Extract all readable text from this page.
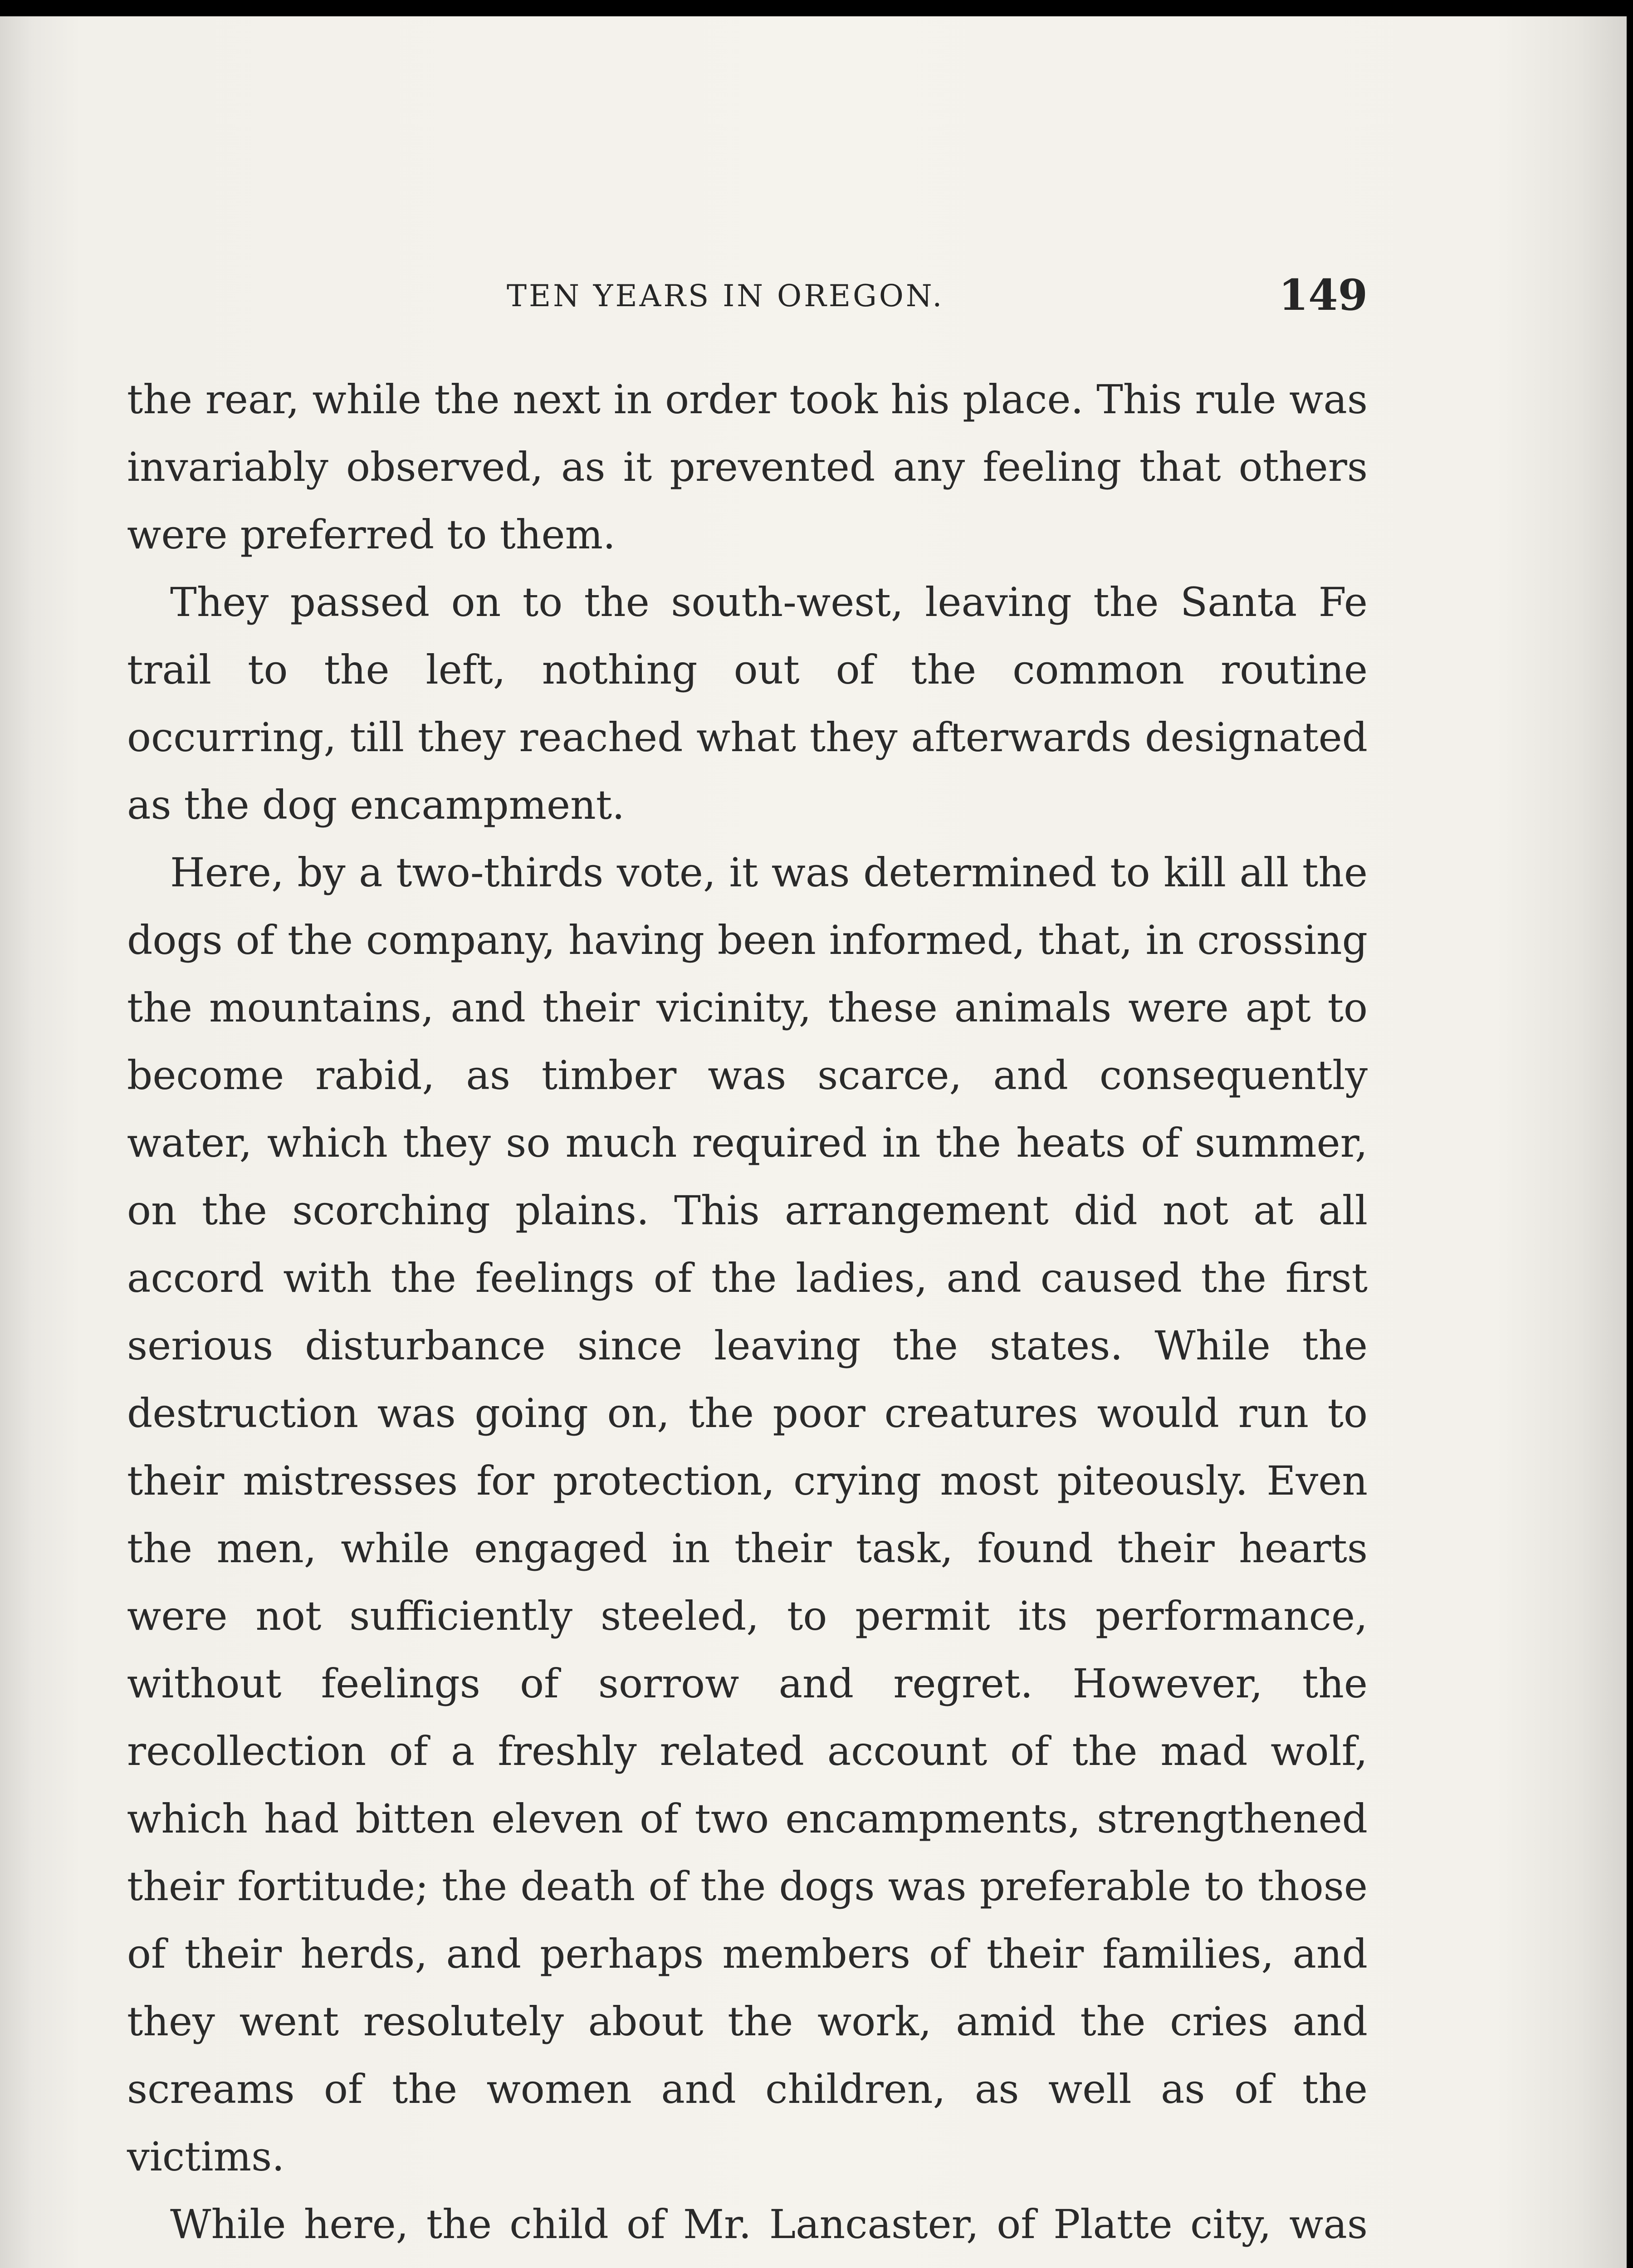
TEN YEARS IN OREGON.	149

the rear, while the next in order took his place. This rule was invariably observed, as it prevented any feeling that others were preferred to them.

They passed on to the south-west, leaving the Santa Fe trail to the left, nothing out of the common routine occurring, till they reached what they afterwards designated as the dog encampment.

Here, by a two-thirds vote, it was determined to kill all the dogs of the company, having been informed, that, in crossing the mountains, and their vicinity, these animals were apt to become rabid, as timber was scarce, and consequently water, which they so much required in the heats of summer, on the scorching plains. This arrangement did not at all accord with the feelings of the ladies, and caused the first serious disturbance since leaving the states. While the destruction was going on, the poor creatures would run to their mistresses for protection, crying most piteously. Even the men, while engaged in their task, found their hearts were not sufficiently steeled, to permit its performance, without feelings of sorrow and regret. However, the recollection of a freshly related account of the mad wolf, which had bitten eleven of two encampments, strengthened their fortitude; the death of the dogs was preferable to those of their herds, and perhaps members of their families, and they went resolutely about the work, amid the cries and screams of the women and children, as well as of the victims.

While here, the child of Mr. Lancaster, of Platte city, was
